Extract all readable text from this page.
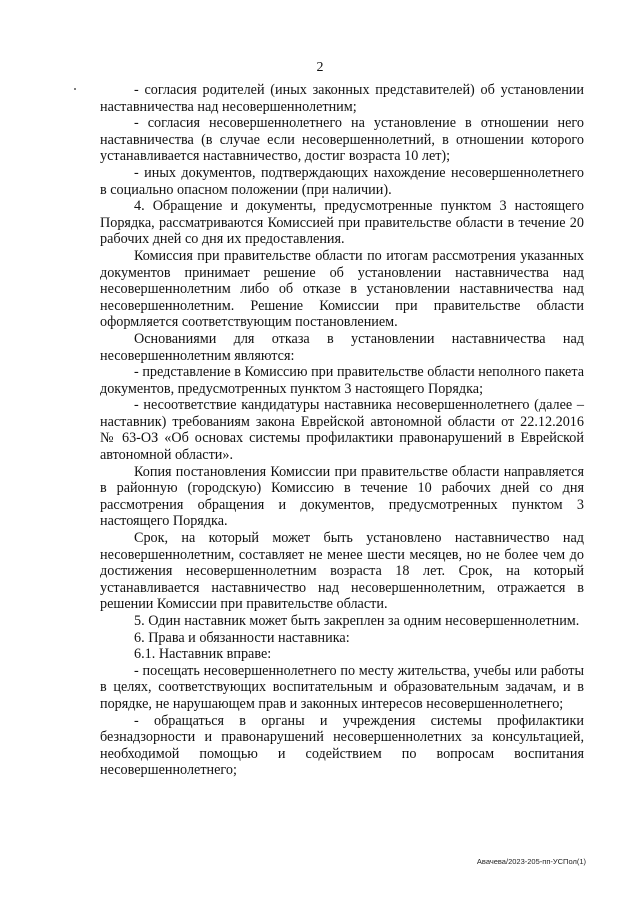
2

- согласия родителей (иных законных представителей) об установлении наставничества над несовершеннолетним;

- согласия несовершеннолетнего на установление в отношении него наставничества (в случае если несовершеннолетний, в отношении которого устанавливается наставничество, достиг возраста 10 лет);

- иных документов, подтверждающих нахождение несовершеннолетнего в социально опасном положении (при наличии).

4. Обращение и документы, предусмотренные пунктом 3 настоящего Порядка, рассматриваются Комиссией при правительстве области в течение 20 рабочих дней со дня их предоставления.

Комиссия при правительстве области по итогам рассмотрения указанных документов принимает решение об установлении наставничества над несовершеннолетним либо об отказе в установлении наставничества над несовершеннолетним. Решение Комиссии при правительстве области оформляется соответствующим постановлением.

Основаниями для отказа в установлении наставничества над несовершеннолетним являются:

- представление в Комиссию при правительстве области неполного пакета документов, предусмотренных пунктом 3 настоящего Порядка;

- несоответствие кандидатуры наставника несовершеннолетнего (далее – наставник) требованиям закона Еврейской автономной области от 22.12.2016 № 63-ОЗ «Об основах системы профилактики правонарушений в Еврейской автономной области».

Копия постановления Комиссии при правительстве области направляется в районную (городскую) Комиссию в течение 10 рабочих дней со дня рассмотрения обращения и документов, предусмотренных пунктом 3 настоящего Порядка.

Срок, на который может быть установлено наставничество над несовершеннолетним, составляет не менее шести месяцев, но не более чем до достижения несовершеннолетним возраста 18 лет. Срок, на который устанавливается наставничество над несовершеннолетним, отражается в решении Комиссии при правительстве области.

5. Один наставник может быть закреплен за одним несовершеннолетним.

6. Права и обязанности наставника:

6.1. Наставник вправе:

- посещать несовершеннолетнего по месту жительства, учебы или работы в целях, соответствующих воспитательным и образовательным задачам, и в порядке, не нарушающем прав и законных интересов несовершеннолетнего;

- обращаться в органы и учреждения системы профилактики безнадзорности и правонарушений несовершеннолетних за консультацией, необходимой помощью и содействием по вопросам воспитания несовершеннолетнего;

Авачева/2023-205-пп-УСПол(1)
